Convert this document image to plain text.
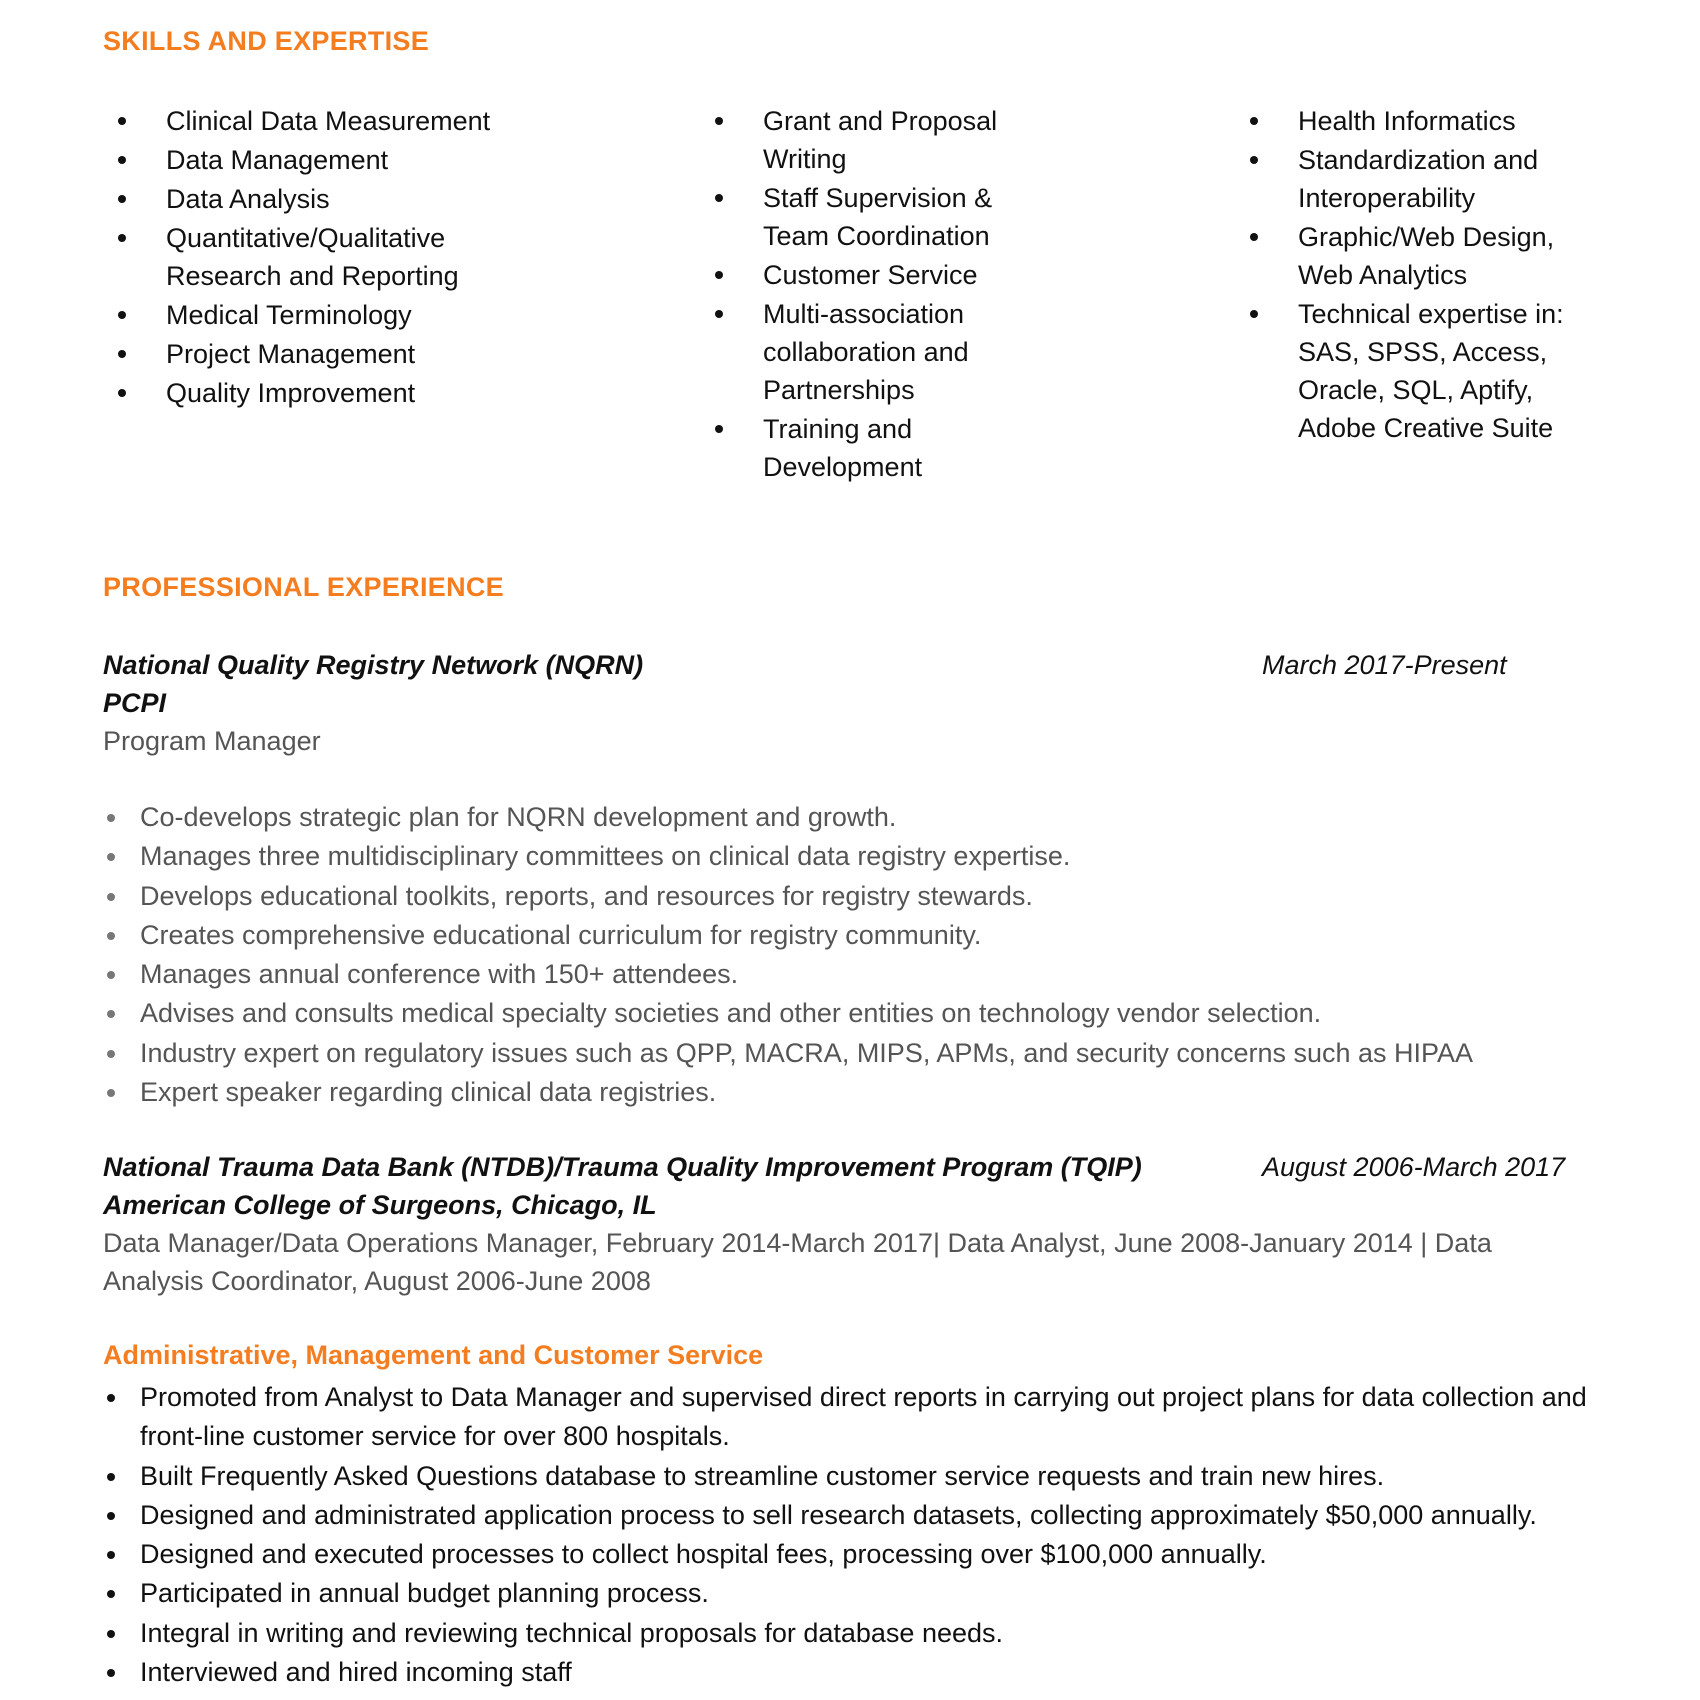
SKILLS AND EXPERTISE
Clinical Data Measurement
Data Management
Data Analysis
Quantitative/Qualitative Research and Reporting
Medical Terminology
Project Management
Quality Improvement
Grant and Proposal Writing
Staff Supervision & Team Coordination
Customer Service
Multi-association collaboration and Partnerships
Training and Development
Health Informatics
Standardization and Interoperability
Graphic/Web Design, Web Analytics
Technical expertise in: SAS, SPSS, Access, Oracle, SQL, Aptify, Adobe Creative Suite
PROFESSIONAL EXPERIENCE
National Quality Registry Network (NQRN)	March 2017-Present
PCPI
Program Manager
Co-develops strategic plan for NQRN development and growth.
Manages three multidisciplinary committees on clinical data registry expertise.
Develops educational toolkits, reports, and resources for registry stewards.
Creates comprehensive educational curriculum for registry community.
Manages annual conference with 150+ attendees.
Advises and consults medical specialty societies and other entities on technology vendor selection.
Industry expert on regulatory issues such as QPP, MACRA, MIPS, APMs, and security concerns such as HIPAA
Expert speaker regarding clinical data registries.
National Trauma Data Bank (NTDB)/Trauma Quality Improvement Program (TQIP)	August 2006-March 2017
American College of Surgeons, Chicago, IL
Data Manager/Data Operations Manager, February 2014-March 2017| Data Analyst, June 2008-January 2014 | Data Analysis Coordinator, August 2006-June 2008
Administrative, Management and Customer Service
Promoted from Analyst to Data Manager and supervised direct reports in carrying out project plans for data collection and front-line customer service for over 800 hospitals.
Built Frequently Asked Questions database to streamline customer service requests and train new hires.
Designed and administrated application process to sell research datasets, collecting approximately $50,000 annually.
Designed and executed processes to collect hospital fees, processing over $100,000 annually.
Participated in annual budget planning process.
Integral in writing and reviewing technical proposals for database needs.
Interviewed and hired incoming staff
